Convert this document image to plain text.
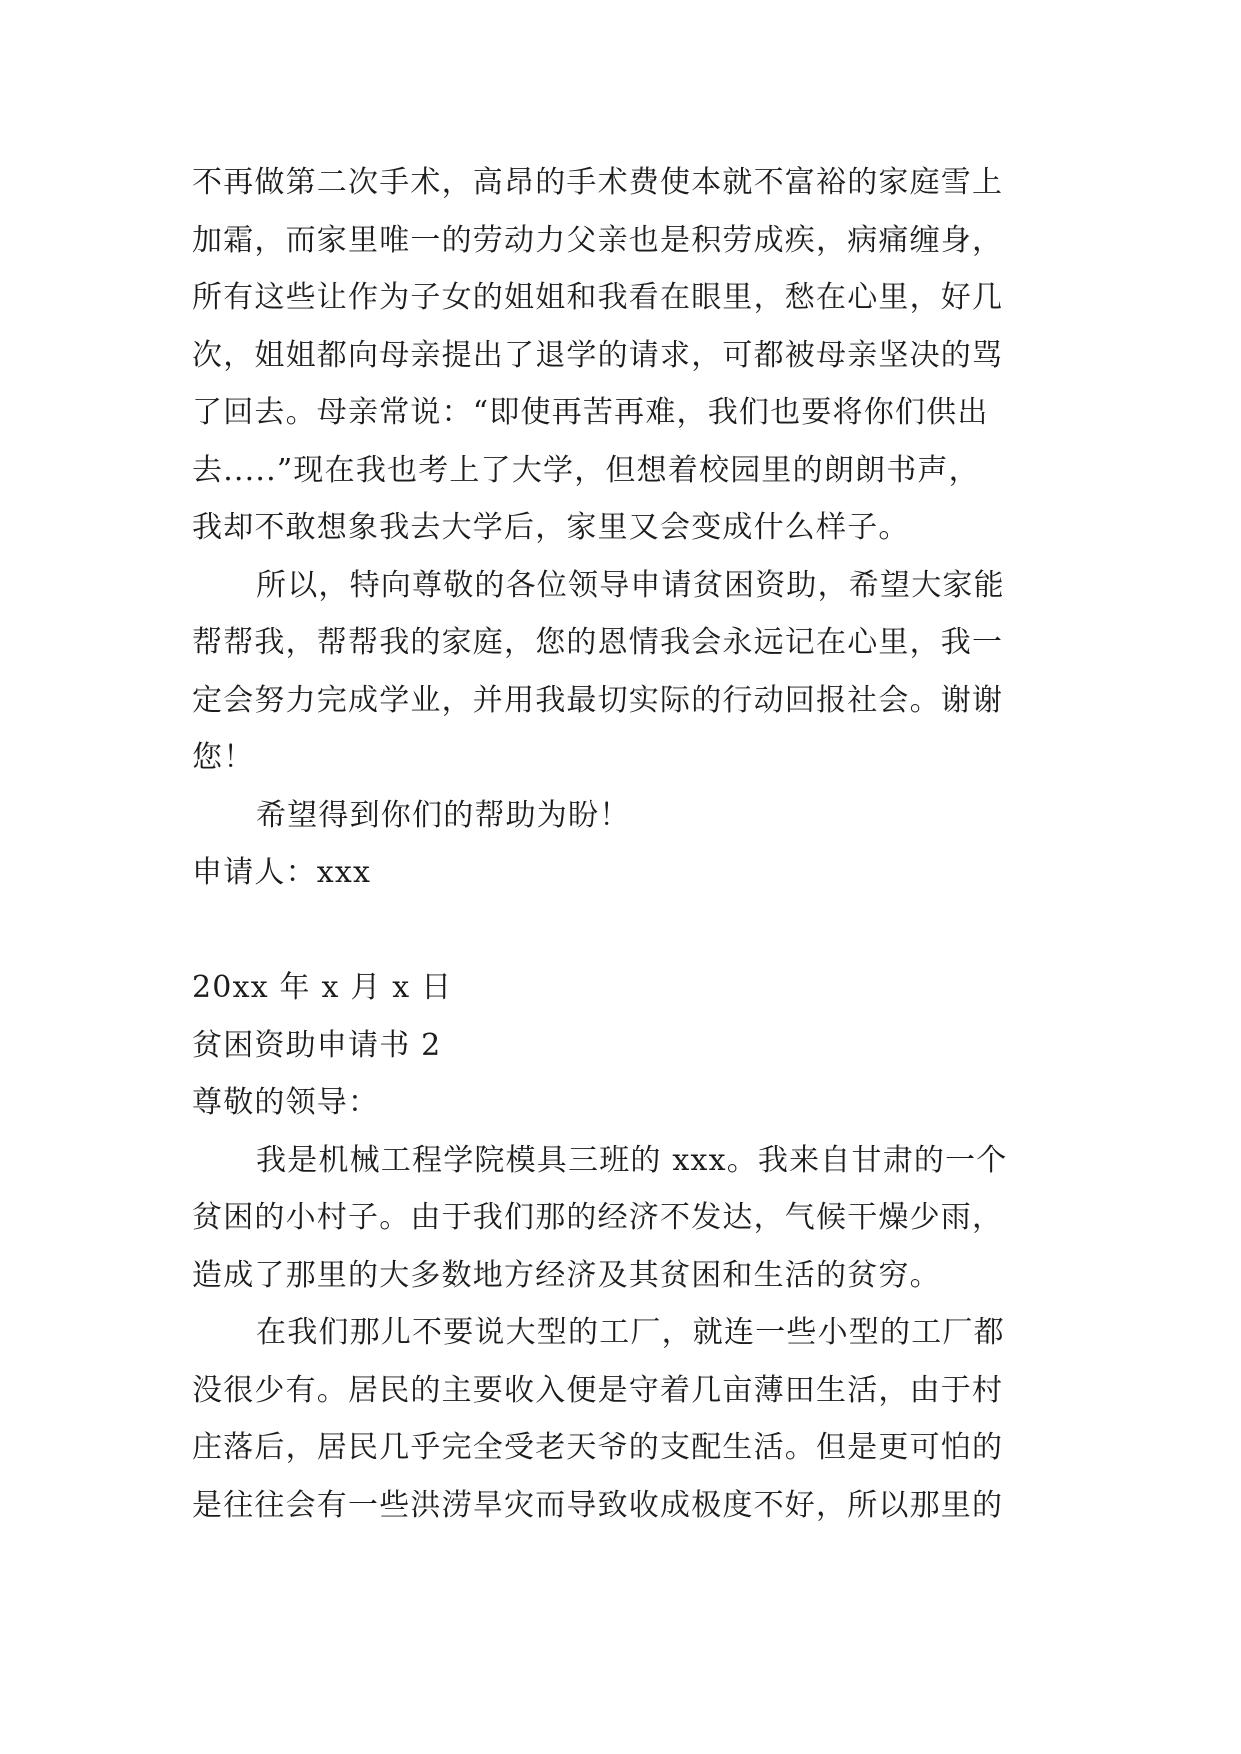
不再做第二次手术，高昂的手术费使本就不富裕的家庭雪上
加霜，而家里唯一的劳动力父亲也是积劳成疾，病痛缠身，
所有这些让作为子女的姐姐和我看在眼里，愁在心里，好几
次，姐姐都向母亲提出了退学的请求，可都被母亲坚决的骂
了回去。母亲常说：“即使再苦再难，我们也要将你们供出
去.....”现在我也考上了大学，但想着校园里的朗朗书声，
我却不敢想象我去大学后，家里又会变成什么样子。
所以，特向尊敬的各位领导申请贫困资助，希望大家能
帮帮我，帮帮我的家庭，您的恩情我会永远记在心里，我一
定会努力完成学业，并用我最切实际的行动回报社会。谢谢
您！
希望得到你们的帮助为盼！
申请人：xxx
20xx 年 x 月 x 日
贫困资助申请书 2
尊敬的领导：
我是机械工程学院模具三班的 xxx。我来自甘肃的一个
贫困的小村子。由于我们那的经济不发达，气候干燥少雨，
造成了那里的大多数地方经济及其贫困和生活的贫穷。
在我们那儿不要说大型的工厂，就连一些小型的工厂都
没很少有。居民的主要收入便是守着几亩薄田生活，由于村
庄落后，居民几乎完全受老天爷的支配生活。但是更可怕的
是往往会有一些洪涝旱灾而导致收成极度不好，所以那里的
